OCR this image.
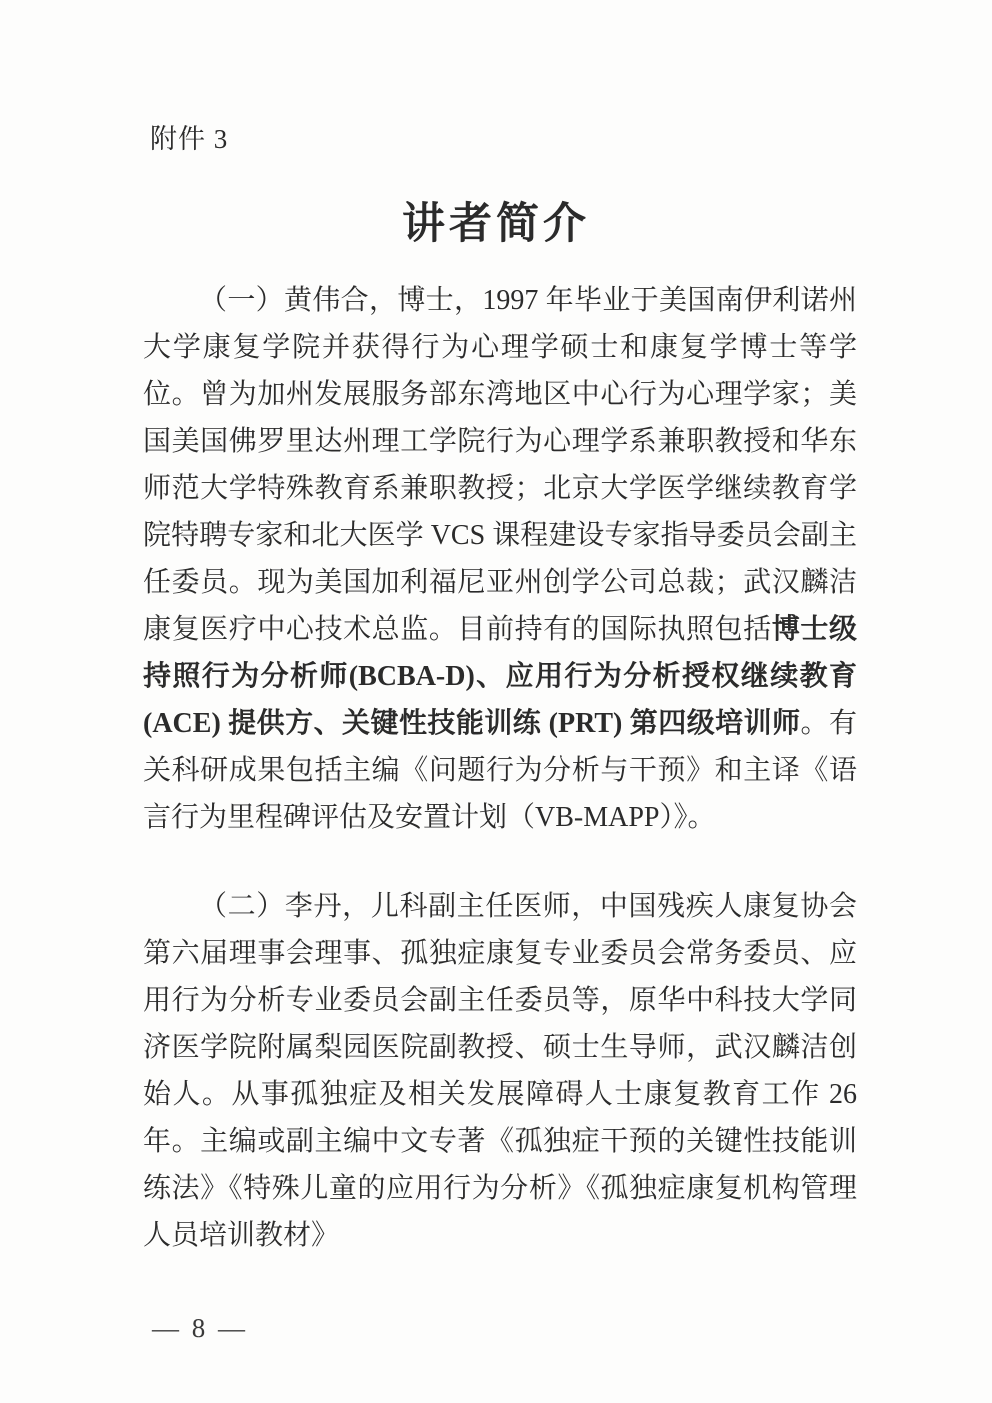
附件 3
讲者简介

（一）黄伟合，博士，1997 年毕业于美国南伊利诺州大学康复学院并获得行为心理学硕士和康复学博士等学位。曾为加州发展服务部东湾地区中心行为心理学家；美国美国佛罗里达州理工学院行为心理学系兼职教授和华东师范大学特殊教育系兼职教授；北京大学医学继续教育学院特聘专家和北大医学 VCS 课程建设专家指导委员会副主任委员。现为美国加利福尼亚州创学公司总裁；武汉麟洁康复医疗中心技术总监。目前持有的国际执照包括博士级持照行为分析师(BCBA-D)、应用行为分析授权继续教育 (ACE) 提供方、关键性技能训练 (PRT) 第四级培训师。有关科研成果包括主编《问题行为分析与干预》和主译《语言行为里程碑评估及安置计划（VB-MAPP）》。

（二）李丹，儿科副主任医师，中国残疾人康复协会第六届理事会理事、孤独症康复专业委员会常务委员、应用行为分析专业委员会副主任委员等，原华中科技大学同济医学院附属梨园医院副教授、硕士生导师，武汉麟洁创始人。从事孤独症及相关发展障碍人士康复教育工作 26 年。主编或副主编中文专著《孤独症干预的关键性技能训练法》《特殊儿童的应用行为分析》《孤独症康复机构管理人员培训教材》

— 8 —
